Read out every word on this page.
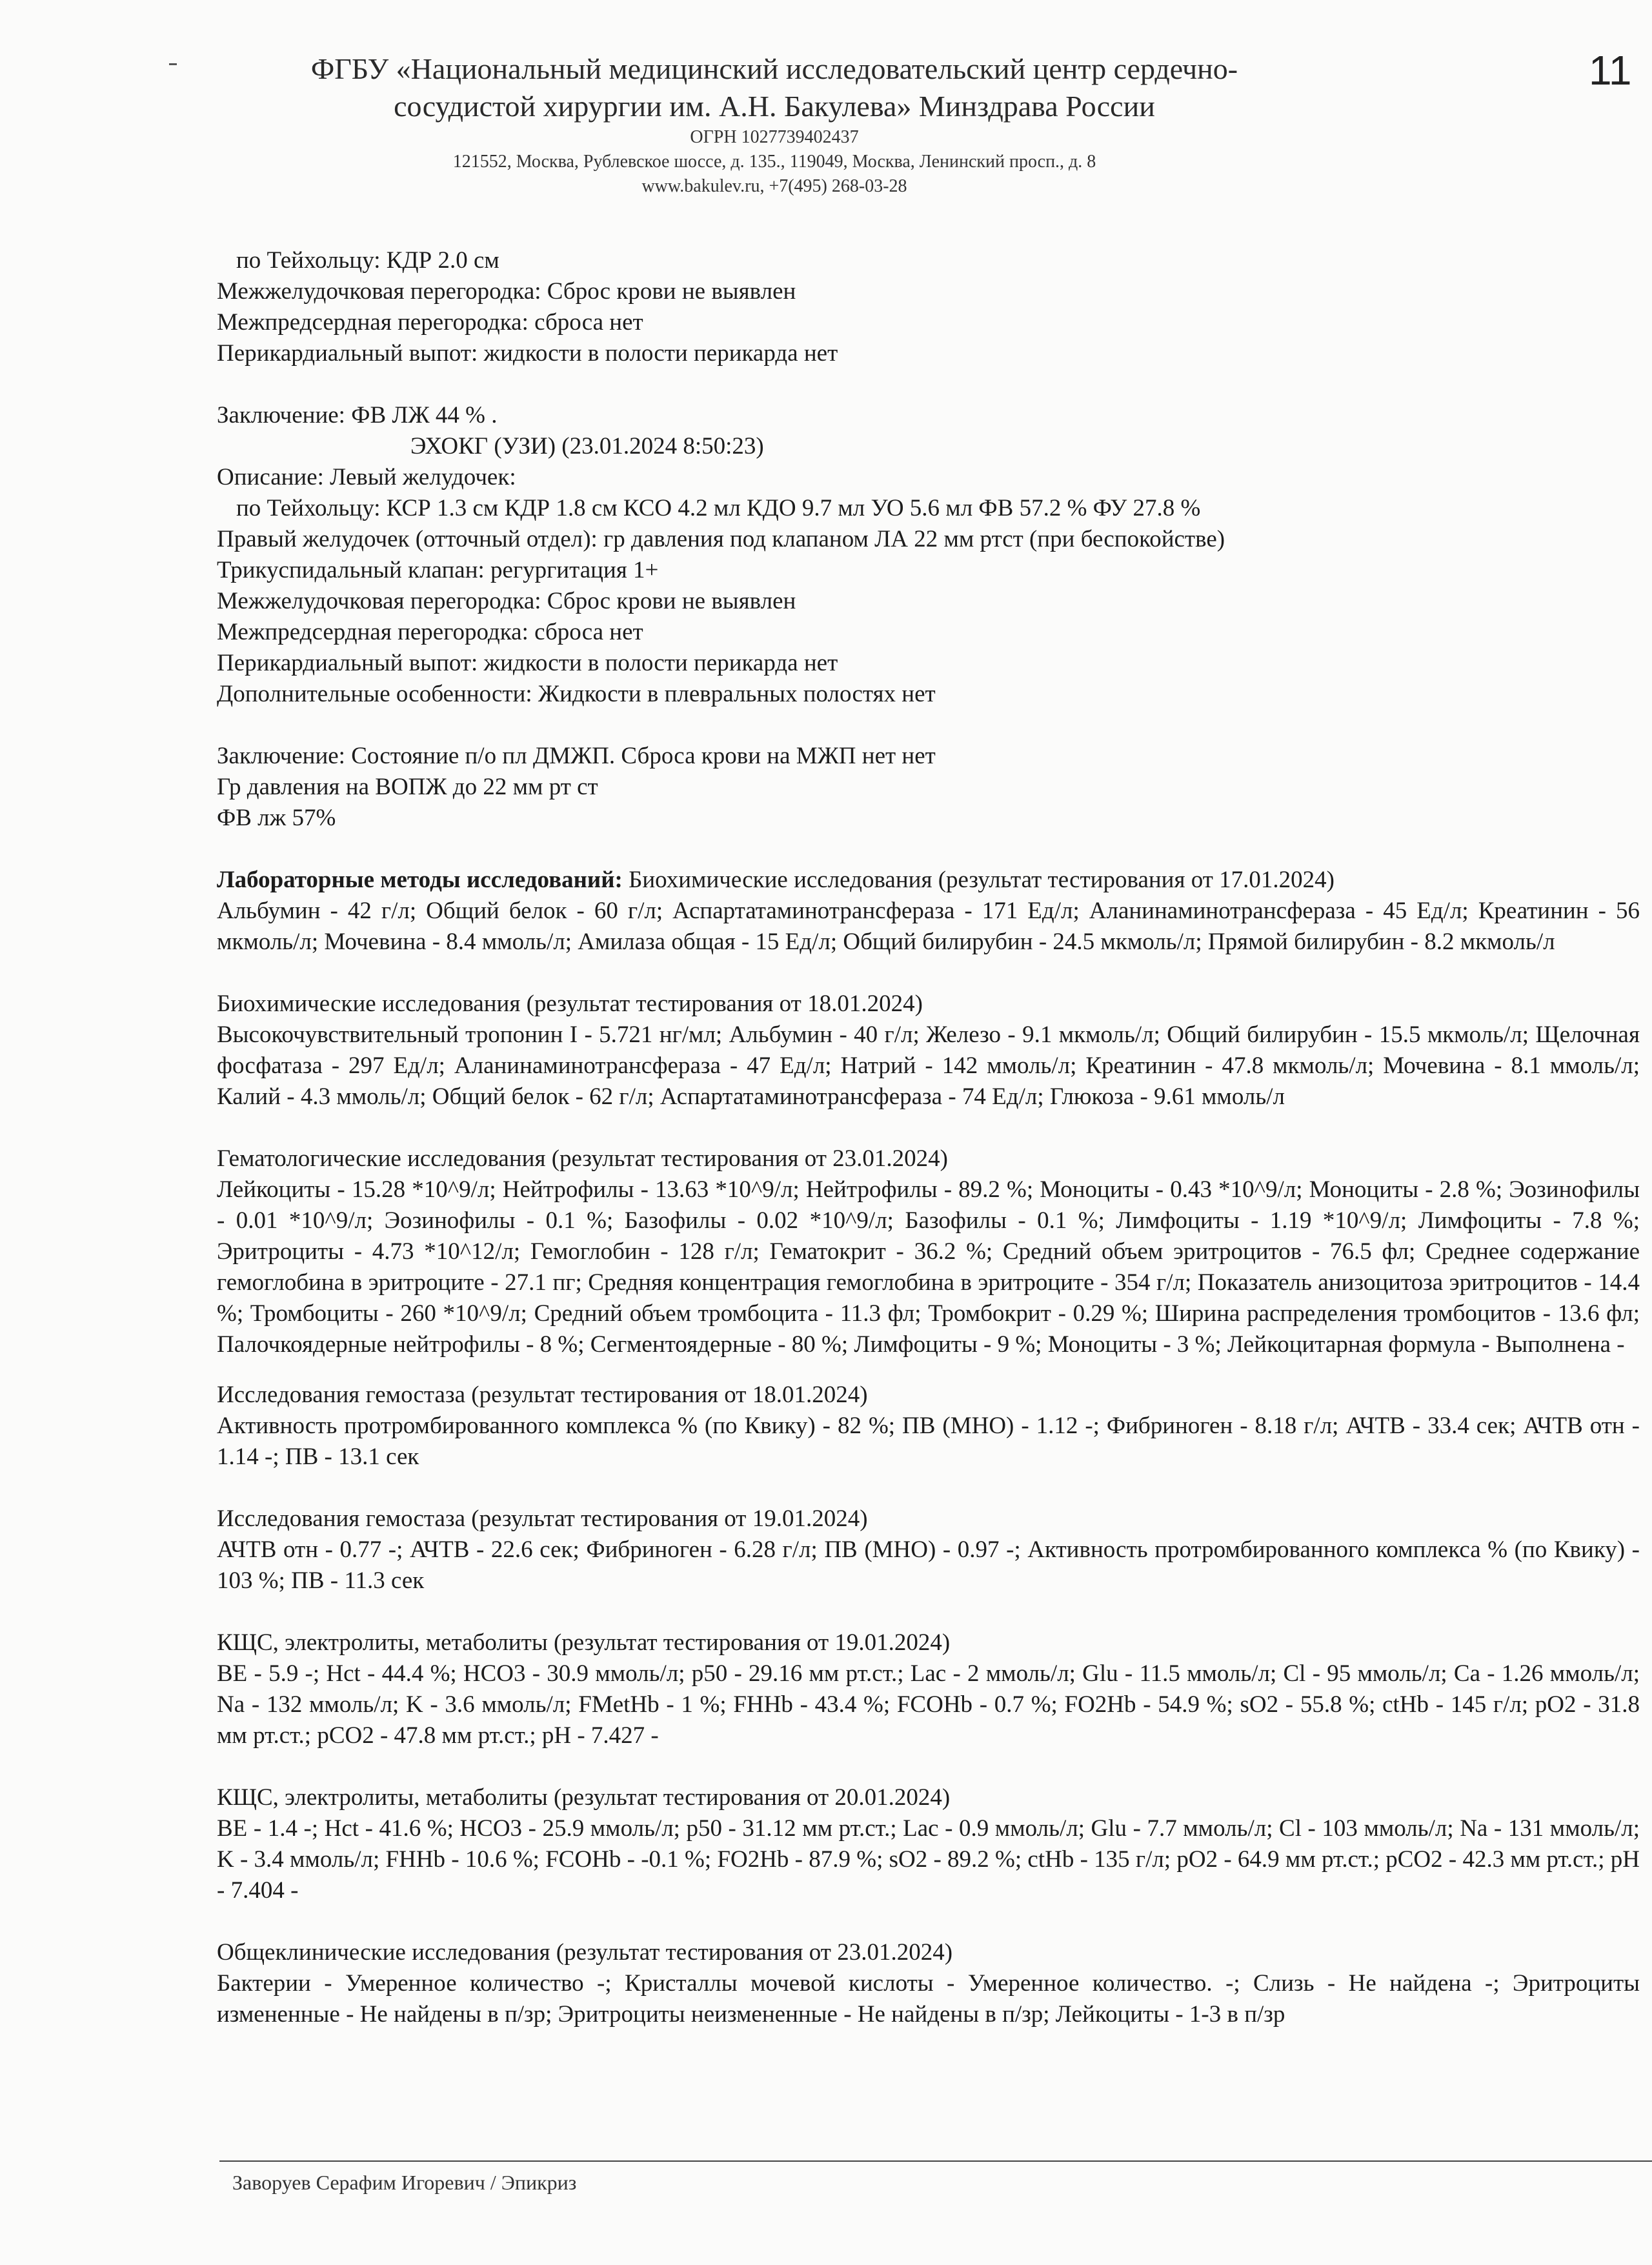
11
ФГБУ «Национальный медицинский исследовательский центр сердечно-
сосудистой хирургии им. А.Н. Бакулева» Минздрава России
ОГРН 1027739402437
121552, Москва, Рублевское шоссе, д. 135., 119049, Москва, Ленинский просп., д. 8
www.bakulev.ru, +7(495) 268-03-28
по Тейхольцу: КДР 2.0 см
Межжелудочковая перегородка: Сброс крови не выявлен
Межпредсердная перегородка: сброса нет
Перикардиальный выпот: жидкости в полости перикарда нет
Заключение: ФВ ЛЖ 44 % .
ЭХОКГ (УЗИ) (23.01.2024 8:50:23)
Описание: Левый желудочек:
по Тейхольцу: КСР 1.3 см КДР 1.8 см КСО 4.2 мл КДО 9.7 мл УО 5.6 мл ФВ 57.2 % ФУ 27.8 %
Правый желудочек (отточный отдел): гр давления под клапаном ЛА 22 мм ртст (при беспокойстве)
Трикуспидальный клапан: регургитация 1+
Межжелудочковая перегородка: Сброс крови не выявлен
Межпредсердная перегородка: сброса нет
Перикардиальный выпот: жидкости в полости перикарда нет
Дополнительные особенности: Жидкости в плевральных полостях нет
Заключение: Состояние п/о пл ДМЖП. Сброса крови на МЖП нет нет
Гр давления на ВОПЖ до 22 мм рт ст
ФВ лж 57%
Лабораторные методы исследований: Биохимические исследования (результат тестирования от 17.01.2024)
Альбумин - 42 г/л; Общий белок - 60 г/л; Аспартатаминотрансфераза - 171 Ед/л; Аланинаминотрансфераза - 45 Ед/л; Креатинин - 56 мкмоль/л; Мочевина - 8.4 ммоль/л; Амилаза общая - 15 Ед/л; Общий билирубин - 24.5 мкмоль/л; Прямой билирубин - 8.2 мкмоль/л
Биохимические исследования (результат тестирования от 18.01.2024)
Высокочувствительный тропонин I - 5.721 нг/мл; Альбумин - 40 г/л; Железо - 9.1 мкмоль/л; Общий билирубин - 15.5 мкмоль/л; Щелочная фосфатаза - 297 Ед/л; Аланинаминотрансфераза - 47 Ед/л; Натрий - 142 ммоль/л; Креатинин - 47.8 мкмоль/л; Мочевина - 8.1 ммоль/л; Калий - 4.3 ммоль/л; Общий белок - 62 г/л; Аспартатаминотрансфераза - 74 Ед/л; Глюкоза - 9.61 ммоль/л
Гематологические исследования (результат тестирования от 23.01.2024)
Лейкоциты - 15.28 *10^9/л; Нейтрофилы - 13.63 *10^9/л; Нейтрофилы - 89.2 %; Моноциты - 0.43 *10^9/л; Моноциты - 2.8 %; Эозинофилы - 0.01 *10^9/л; Эозинофилы - 0.1 %; Базофилы - 0.02 *10^9/л; Базофилы - 0.1 %; Лимфоциты - 1.19 *10^9/л; Лимфоциты - 7.8 %; Эритроциты - 4.73 *10^12/л; Гемоглобин - 128 г/л; Гематокрит - 36.2 %; Средний объем эритроцитов - 76.5 фл; Среднее содержание гемоглобина в эритроците - 27.1 пг; Средняя концентрация гемоглобина в эритроците - 354 г/л; Показатель анизоцитоза эритроцитов - 14.4 %; Тромбоциты - 260 *10^9/л; Средний объем тромбоцита - 11.3 фл; Тромбокрит - 0.29 %; Ширина распределения тромбоцитов - 13.6 фл; Палочкоядерные нейтрофилы - 8 %; Сегментоядерные - 80 %; Лимфоциты - 9 %; Моноциты - 3 %; Лейкоцитарная формула - Выполнена -
Исследования гемостаза (результат тестирования от 18.01.2024)
Активность протромбированного комплекса % (по Квику) - 82 %; ПВ (МНО) - 1.12 -; Фибриноген - 8.18 г/л; АЧТВ - 33.4 сек; АЧТВ отн - 1.14 -; ПВ - 13.1 сек
Исследования гемостаза (результат тестирования от 19.01.2024)
АЧТВ отн - 0.77 -; АЧТВ - 22.6 сек; Фибриноген - 6.28 г/л; ПВ (МНО) - 0.97 -; Активность протромбированного комплекса % (по Квику) - 103 %; ПВ - 11.3 сек
КЩС, электролиты, метаболиты (результат тестирования от 19.01.2024)
BE - 5.9 -; Hct - 44.4 %; HCO3 - 30.9 ммоль/л; p50 - 29.16 мм рт.ст.; Lac - 2 ммоль/л; Glu - 11.5 ммоль/л; Cl - 95 ммоль/л; Ca - 1.26 ммоль/л; Na - 132 ммоль/л; K - 3.6 ммоль/л; FMetHb - 1 %; FHHb - 43.4 %; FCOHb - 0.7 %; FO2Hb - 54.9 %; sO2 - 55.8 %; ctHb - 145 г/л; pO2 - 31.8 мм рт.ст.; pCO2 - 47.8 мм рт.ст.; pH - 7.427 -
КЩС, электролиты, метаболиты (результат тестирования от 20.01.2024)
BE - 1.4 -; Hct - 41.6 %; HCO3 - 25.9 ммоль/л; p50 - 31.12 мм рт.ст.; Lac - 0.9 ммоль/л; Glu - 7.7 ммоль/л; Cl - 103 ммоль/л; Na - 131 ммоль/л; K - 3.4 ммоль/л; FHHb - 10.6 %; FCOHb - -0.1 %; FO2Hb - 87.9 %; sO2 - 89.2 %; ctHb - 135 г/л; pO2 - 64.9 мм рт.ст.; pCO2 - 42.3 мм рт.ст.; pH - 7.404 -
Общеклинические исследования (результат тестирования от 23.01.2024)
Бактерии - Умеренное количество -; Кристаллы мочевой кислоты - Умеренное количество. -; Слизь - Не найдена -; Эритроциты измененные - Не найдены в п/зр; Эритроциты неизмененные - Не найдены в п/зр; Лейкоциты - 1-3 в п/зр
Заворуев Серафим Игоревич / Эпикриз
